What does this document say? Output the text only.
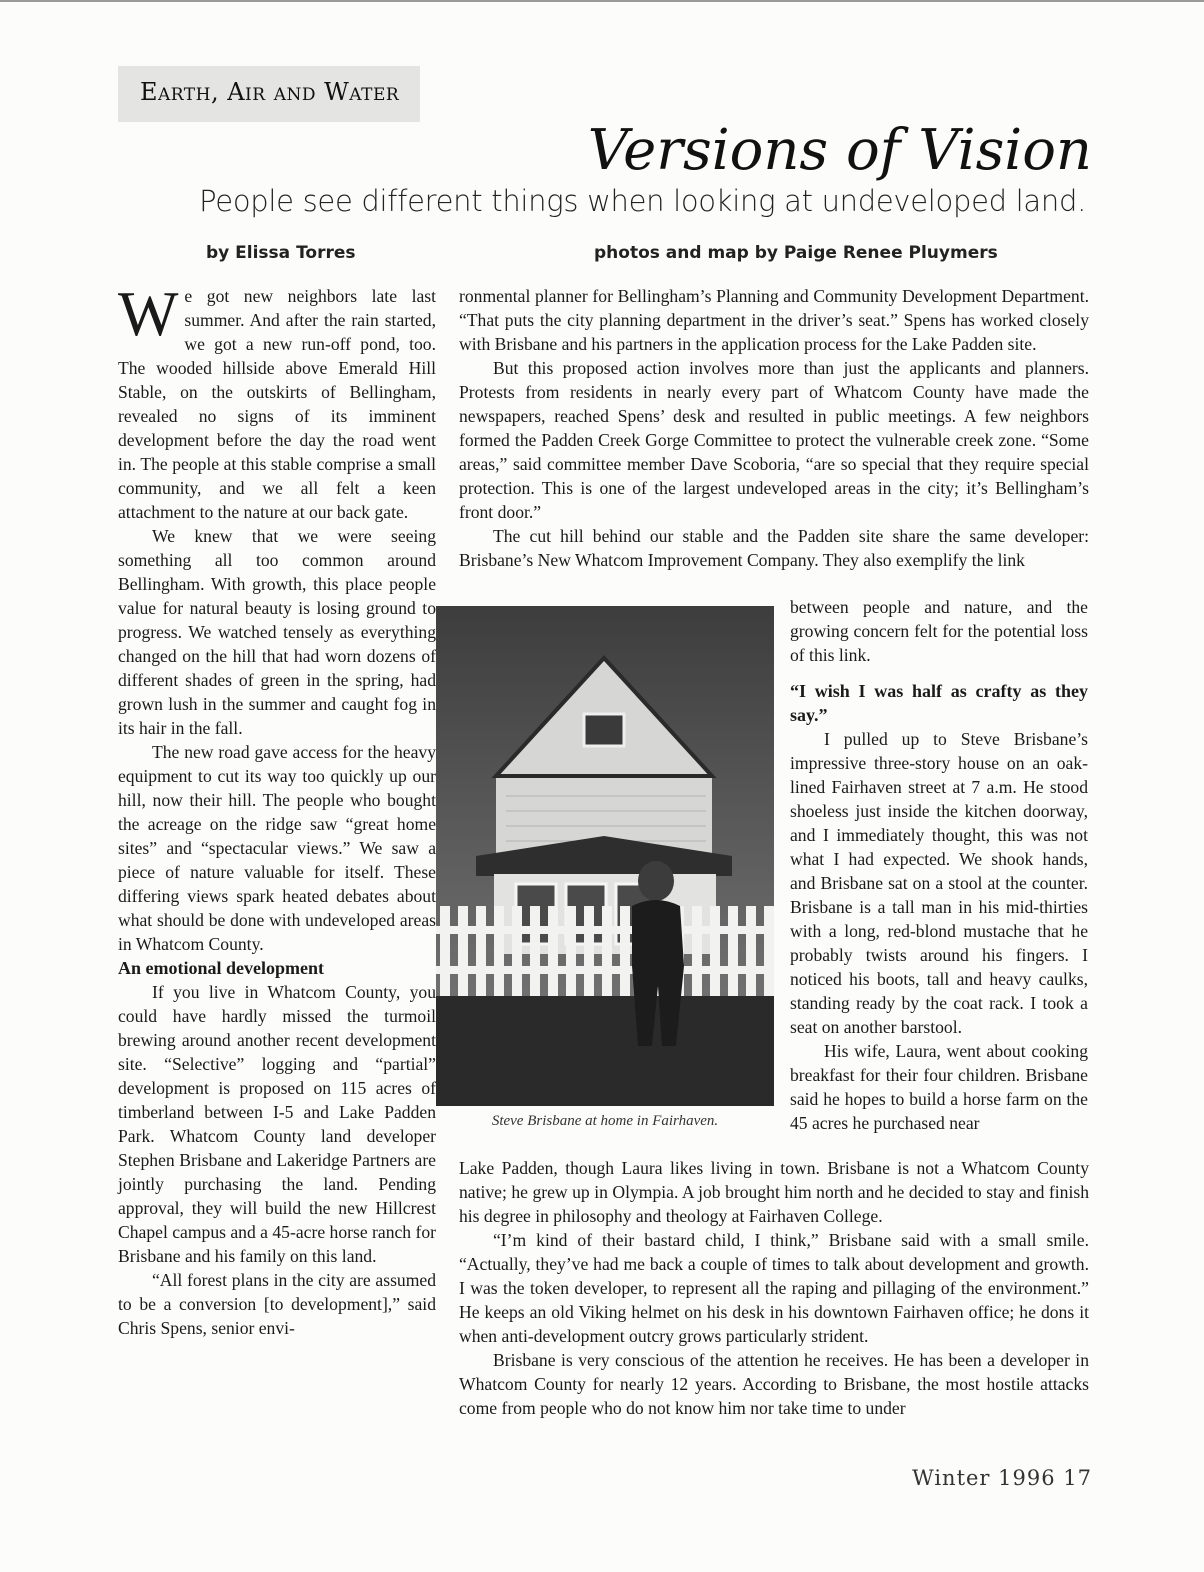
Earth, Air and Water
Versions of Vision
People see different things when looking at undeveloped land.
by Elissa Torres	photos and map by Paige Renee Pluymers

We got new neighbors late last summer. And after the rain started, we got a new run-off pond, too. The wooded hillside above Emerald Hill Stable, on the outskirts of Bellingham, revealed no signs of its imminent development before the day the road went in. The people at this stable comprise a small community, and we all felt a keen attachment to the nature at our back gate.

We knew that we were seeing something all too common around Bellingham. With growth, this place people value for natural beauty is losing ground to progress. We watched tensely as everything changed on the hill that had worn dozens of different shades of green in the spring, had grown lush in the summer and caught fog in its hair in the fall.

The new road gave access for the heavy equipment to cut its way too quickly up our hill, now their hill. The people who bought the acreage on the ridge saw “great home sites” and “spectacular views.” We saw a piece of nature valuable for itself. These differing views spark heated debates about what should be done with undeveloped areas in Whatcom County.

An emotional development

If you live in Whatcom County, you could have hardly missed the turmoil brewing around another recent development site. “Selective” logging and “partial” development is proposed on 115 acres of timberland between I-5 and Lake Padden Park. Whatcom County land developer Stephen Brisbane and Lakeridge Partners are jointly purchasing the land. Pending approval, they will build the new Hillcrest Chapel campus and a 45-acre horse ranch for Brisbane and his family on this land.

“All forest plans in the city are assumed to be a conversion [to development],” said Chris Spens, senior envi-

ronmental planner for Bellingham’s Planning and Community Development Department. “That puts the city planning department in the driver’s seat.” Spens has worked closely with Brisbane and his partners in the application process for the Lake Padden site.

But this proposed action involves more than just the applicants and planners. Protests from residents in nearly every part of Whatcom County have made the newspapers, reached Spens’ desk and resulted in public meetings. A few neighbors formed the Padden Creek Gorge Committee to protect the vulnerable creek zone. “Some areas,” said committee member Dave Scoboria, “are so special that they require special protection. This is one of the largest undeveloped areas in the city; it’s Bellingham’s front door.”

The cut hill behind our stable and the Padden site share the same developer: Brisbane’s New Whatcom Improvement Company. They also exemplify the link

Steve Brisbane at home in Fairhaven.

between people and nature, and the growing concern felt for the potential loss of this link.

“I wish I was half as crafty as they say.”

I pulled up to Steve Brisbane’s impressive three-story house on an oak-lined Fairhaven street at 7 a.m. He stood shoeless just inside the kitchen doorway, and I immediately thought, this was not what I had expected. We shook hands, and Brisbane sat on a stool at the counter. Brisbane is a tall man in his mid-thirties with a long, red-blond mustache that he probably twists around his fingers. I noticed his boots, tall and heavy caulks, standing ready by the coat rack. I took a seat on another barstool.

His wife, Laura, went about cooking breakfast for their four children. Brisbane said he hopes to build a horse farm on the 45 acres he purchased near

Lake Padden, though Laura likes living in town. Brisbane is not a Whatcom County native; he grew up in Olympia. A job brought him north and he decided to stay and finish his degree in philosophy and theology at Fairhaven College.

“I’m kind of their bastard child, I think,” Brisbane said with a small smile. “Actually, they’ve had me back a couple of times to talk about development and growth. I was the token developer, to represent all the raping and pillaging of the environment.” He keeps an old Viking helmet on his desk in his downtown Fairhaven office; he dons it when anti-development outcry grows particularly strident.

Brisbane is very conscious of the attention he receives. He has been a developer in Whatcom County for nearly 12 years. According to Brisbane, the most hostile attacks come from people who do not know him nor take time to under

Winter 1996 17
